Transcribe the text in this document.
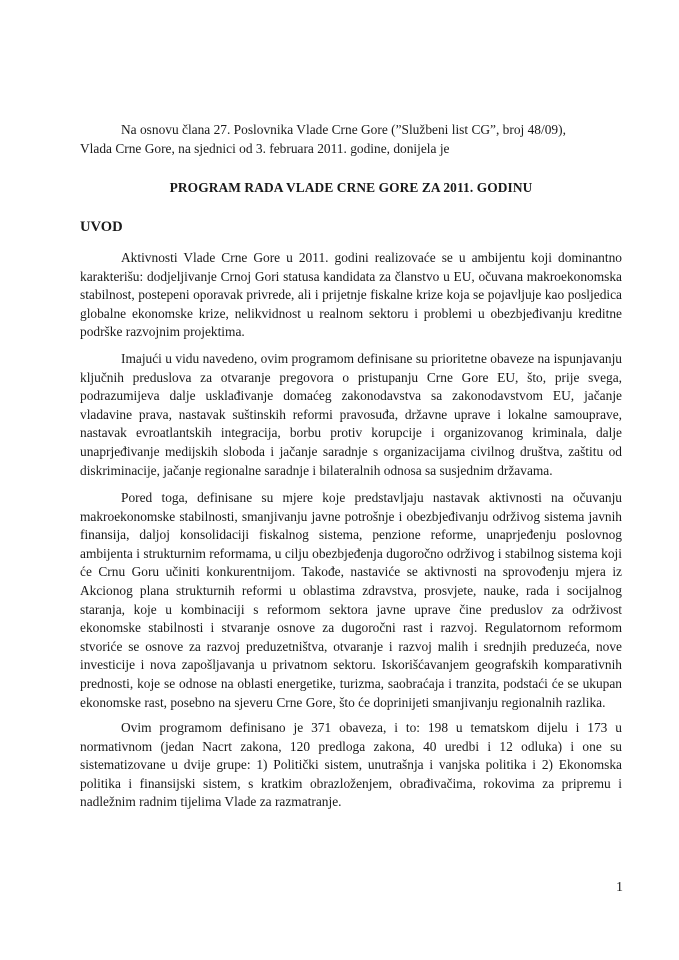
Na osnovu člana 27. Poslovnika Vlade Crne Gore (”Službeni list CG”, broj 48/09),
Vlada Crne Gore, na sjednici od 3. februara 2011. godine, donijela je
PROGRAM RADA VLADE CRNE GORE ZA 2011. GODINU
UVOD

Aktivnosti Vlade Crne Gore u 2011. godini realizovaće se u ambijentu koji dominantno karakterišu: dodjeljivanje Crnoj Gori statusa kandidata za članstvo u EU, očuvana makroekonomska stabilnost, postepeni oporavak privrede, ali i prijetnje fiskalne krize koja se pojavljuje kao posljedica globalne ekonomske krize, nelikvidnost u realnom sektoru i problemi u obezbjeđivanju kreditne podrške razvojnim projektima.

Imajući u vidu navedeno, ovim programom definisane su prioritetne obaveze na ispunjavanju ključnih preduslova za otvaranje pregovora o pristupanju Crne Gore EU, što, prije svega, podrazumijeva dalje usklađivanje domaćeg zakonodavstva sa zakonodavstvom EU, jačanje vladavine prava, nastavak suštinskih reformi pravosuđa, državne uprave i lokalne samouprave, nastavak evroatlantskih integracija, borbu protiv korupcije i organizovanog kriminala, dalje unaprjeđivanje medijskih sloboda i jačanje saradnje s organizacijama civilnog društva, zaštitu od diskriminacije, jačanje regionalne saradnje i bilateralnih odnosa sa susjednim državama.

Pored toga, definisane su mjere koje predstavljaju nastavak aktivnosti na očuvanju makroekonomske stabilnosti, smanjivanju javne potrošnje i obezbjeđivanju održivog sistema javnih finansija, daljoj konsolidaciji fiskalnog sistema, penzione reforme, unaprjeđenju poslovnog ambijenta i strukturnim reformama, u cilju obezbjeđenja dugoročno održivog i stabilnog sistema koji će Crnu Goru učiniti konkurentnijom. Takođe, nastaviće se aktivnosti na sprovođenju mjera iz Akcionog plana strukturnih reformi u oblastima zdravstva, prosvjete, nauke, rada i socijalnog staranja, koje u kombinaciji s reformom sektora javne uprave čine preduslov za održivost ekonomske stabilnosti i stvaranje osnove za dugoročni rast i razvoj. Regulatornom reformom stvoriće se osnove za razvoj preduzetništva, otvaranje i razvoj malih i srednjih preduzeća, nove investicije i nova zapošljavanja u privatnom sektoru. Iskorišćavanjem geografskih komparativnih prednosti, koje se odnose na oblasti energetike, turizma, saobraćaja i tranzita, podstaći će se ukupan ekonomske rast, posebno na sjeveru Crne Gore, što će doprinijeti smanjivanju regionalnih razlika.

Ovim programom definisano je 371 obaveza, i to: 198 u tematskom dijelu i 173 u normativnom (jedan Nacrt zakona, 120 predloga zakona, 40 uredbi i 12 odluka) i one su sistematizovane u dvije grupe: 1) Politički sistem, unutrašnja i vanjska politika i 2) Ekonomska politika i finansijski sistem, s kratkim obrazloženjem, obrađivačima, rokovima za pripremu i nadležnim radnim tijelima Vlade za razmatranje.

1
